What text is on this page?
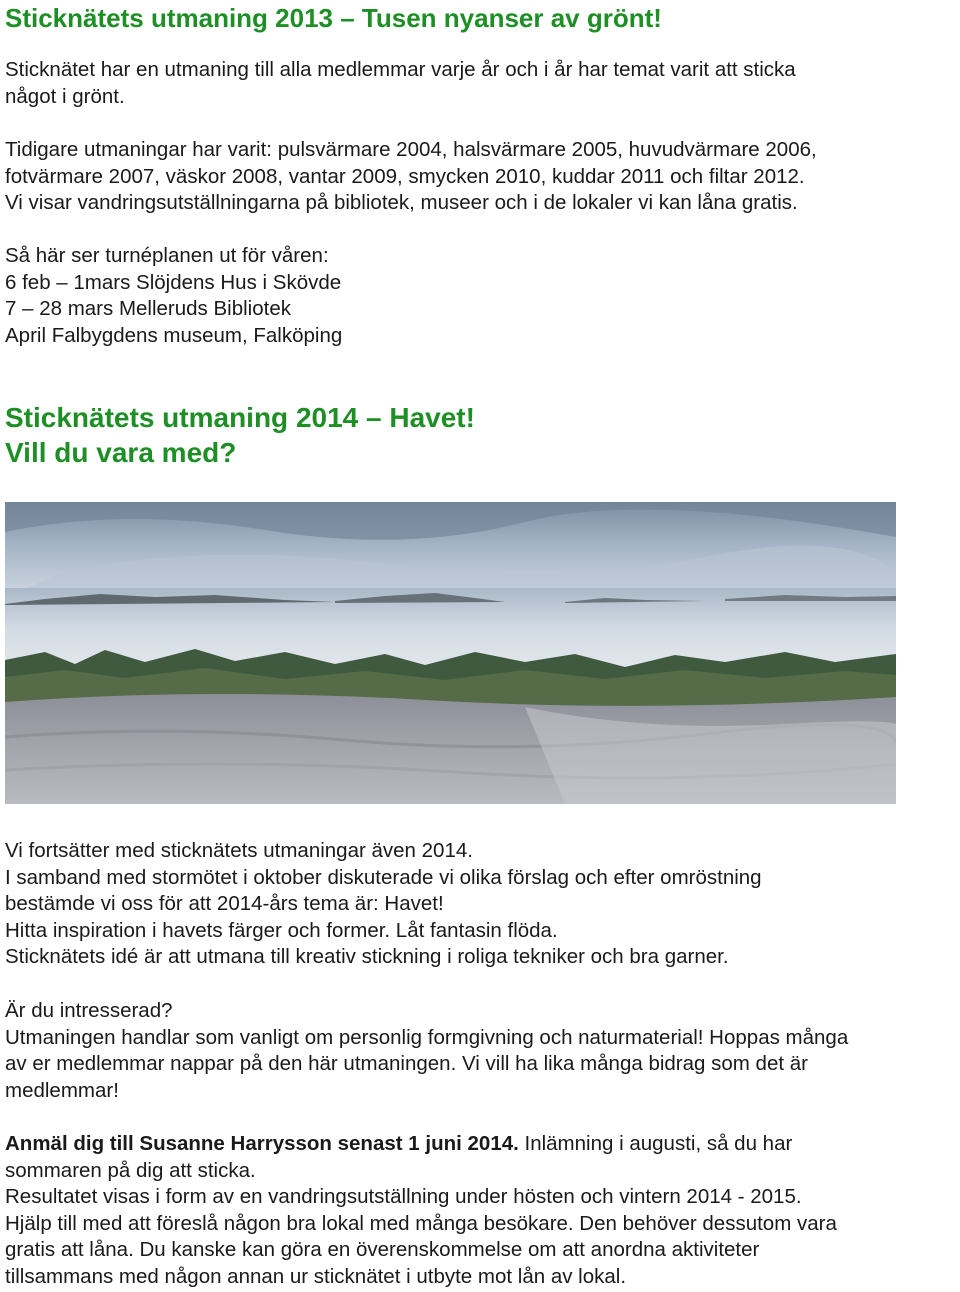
Sticknätets utmaning 2013 – Tusen nyanser av grönt!

Sticknätet har en utmaning till alla medlemmar varje år och i år har temat varit att sticka
något i grönt.

Tidigare utmaningar har varit: pulsvärmare 2004, halsvärmare 2005, huvudvärmare 2006,
fotvärmare 2007, väskor 2008, vantar 2009, smycken 2010, kuddar 2011 och filtar 2012.
Vi visar vandringsutställningarna på bibliotek, museer och i de lokaler vi kan låna gratis.

Så här ser turnéplanen ut för våren:
6 feb – 1mars Slöjdens Hus i Skövde
7 – 28 mars Melleruds Bibliotek
April Falbygdens museum, Falköping

Sticknätets utmaning 2014 – Havet!
Vill du vara med?

Vi fortsätter med sticknätets utmaningar även 2014.
I samband med stormötet i oktober diskuterade vi olika förslag och efter omröstning
bestämde vi oss för att 2014-års tema är: Havet!
Hitta inspiration i havets färger och former. Låt fantasin flöda.
Sticknätets idé är att utmana till kreativ stickning i roliga tekniker och bra garner.

Är du intresserad?
Utmaningen handlar som vanligt om personlig formgivning och naturmaterial! Hoppas många
av er medlemmar nappar på den här utmaningen. Vi vill ha lika många bidrag som det är
medlemmar!

Anmäl dig till Susanne Harrysson senast 1 juni 2014. Inlämning i augusti, så du har
sommaren på dig att sticka.
Resultatet visas i form av en vandringsutställning under hösten och vintern 2014 - 2015.
Hjälp till med att föreslå någon bra lokal med många besökare. Den behöver dessutom vara
gratis att låna. Du kanske kan göra en överenskommelse om att anordna aktiviteter
tillsammans med någon annan ur sticknätet i utbyte mot lån av lokal.
